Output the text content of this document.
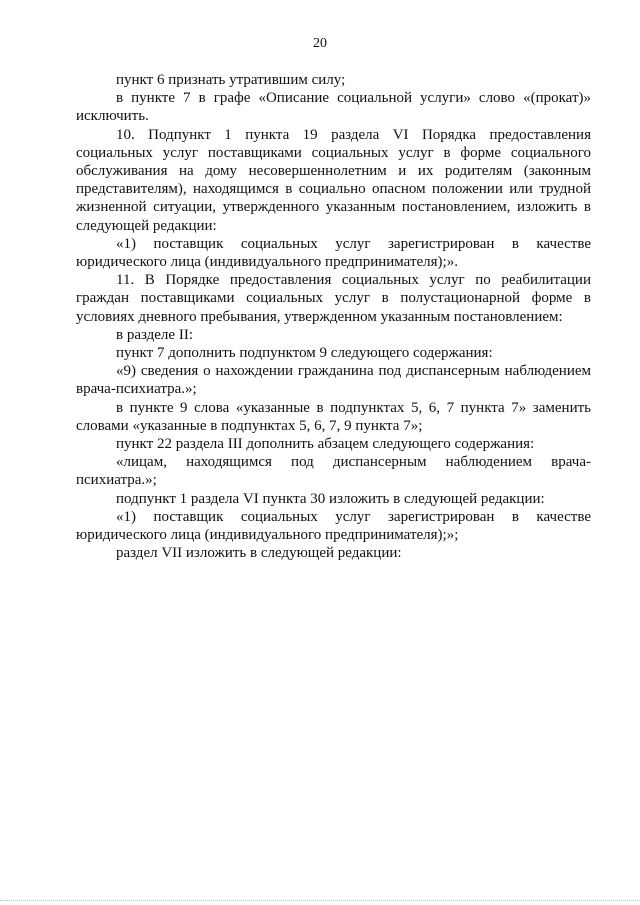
20

пункт 6 признать утратившим силу;

в пункте 7 в графе «Описание социальной услуги» слово «(прокат)» исключить.

10. Подпункт 1 пункта 19 раздела VI Порядка предоставления социальных услуг поставщиками социальных услуг в форме социального обслуживания на дому несовершеннолетним и их родителям (законным представителям), находящимся в социально опасном положении или трудной жизненной ситуации, утвержденного указанным постановлением, изложить в следующей редакции:

«1) поставщик социальных услуг зарегистрирован в качестве юридического лица (индивидуального предпринимателя);».

11. В Порядке предоставления социальных услуг по реабилитации граждан поставщиками социальных услуг в полустационарной форме в условиях дневного пребывания, утвержденном указанным постановлением:

в разделе II:

пункт 7 дополнить подпунктом 9 следующего содержания:

«9) сведения о нахождении гражданина под диспансерным наблюдением врача-психиатра.»;

в пункте 9 слова «указанные в подпунктах 5, 6, 7 пункта 7» заменить словами «указанные в подпунктах 5, 6, 7, 9 пункта 7»;

пункт 22 раздела III дополнить абзацем следующего содержания:

«лицам, находящимся под диспансерным наблюдением врача-психиатра.»;

подпункт 1 раздела VI пункта 30 изложить в следующей редакции:

«1) поставщик социальных услуг зарегистрирован в качестве юридического лица (индивидуального предпринимателя);»;

раздел VII изложить в следующей редакции:
